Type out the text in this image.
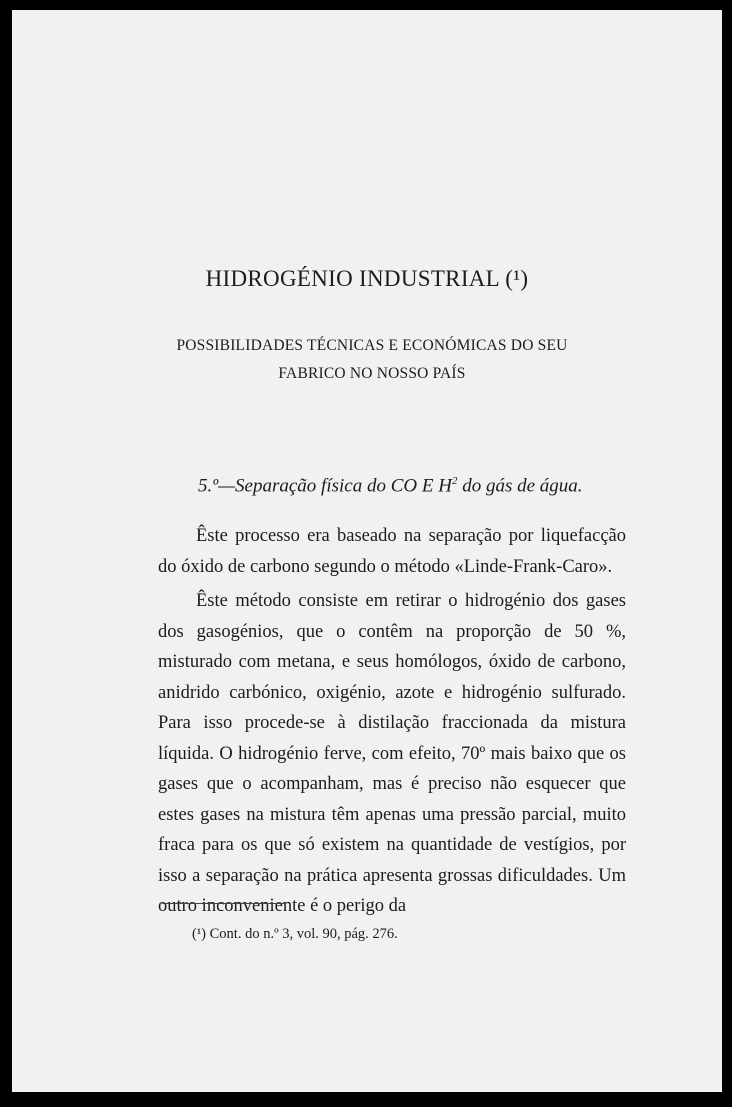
HIDROGÉNIO INDUSTRIAL (¹)
POSSIBILIDADES TÉCNICAS E ECONÓMICAS DO SEU
FABRICO NO NOSSO PAÍS
5.º—Separação física do CO E $H^2$ do gás de água.

Êste processo era baseado na separação por liquefacção do óxido de carbono segundo o método «Linde-Frank-Caro».

Êste método consiste em retirar o hidrogénio dos gases dos gasogénios, que o contêm na proporção de 50 %, misturado com metana, e seus homólogos, óxido de carbono, anidrido carbónico, oxigénio, azote e hidrogénio sulfurado. Para isso procede-se à distilação fraccionada da mistura líquida. O hidrogénio ferve, com efeito, 70º mais baixo que os gases que o acompanham, mas é preciso não esquecer que estes gases na mistura têm apenas uma pressão parcial, muito fraca para os que só existem na quantidade de vestígios, por isso a separação na prática apresenta grossas dificuldades. Um outro inconveniente é o perigo da

(¹) Cont. do n.º 3, vol. 90, pág. 276.
